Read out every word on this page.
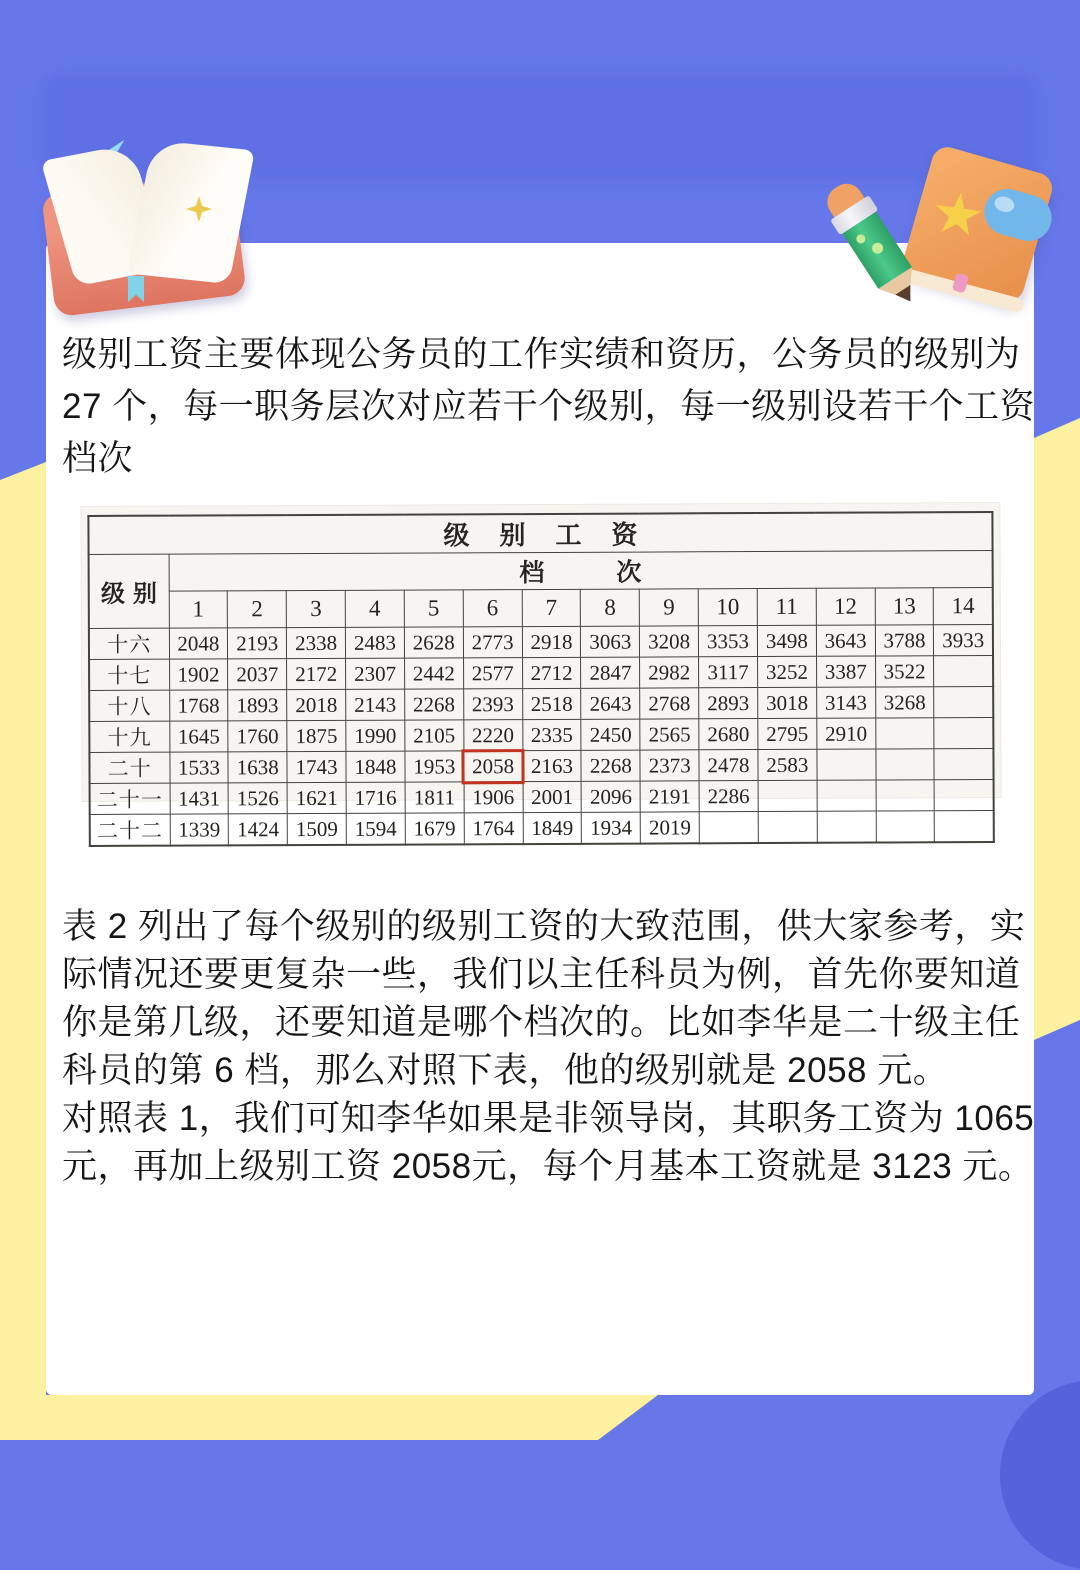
级别工资主要体现公务员的工作实绩和资历，公务员的级别为
27 个，每一职务层次对应若干个级别，每一级别设若干个工资
档次
级别工资														
级别	档次													
	1	2	3	4	5	6	7	8	9	10	11	12	13	14
十六	2048	2193	2338	2483	2628	2773	2918	3063	3208	3353	3498	3643	3788	3933
十七	1902	2037	2172	2307	2442	2577	2712	2847	2982	3117	3252	3387	3522	
十八	1768	1893	2018	2143	2268	2393	2518	2643	2768	2893	3018	3143	3268	
十九	1645	1760	1875	1990	2105	2220	2335	2450	2565	2680	2795	2910		
二十	1533	1638	1743	1848	1953	2058	2163	2268	2373	2478	2583			
二十一	1431	1526	1621	1716	1811	1906	2001	2096	2191	2286				
二十二	1339	1424	1509	1594	1679	1764	1849	1934	2019					
表 2 列出了每个级别的级别工资的大致范围，供大家参考，实
际情况还要更复杂一些，我们以主任科员为例，首先你要知道
你是第几级，还要知道是哪个档次的。比如李华是二十级主任
科员的第 6 档，那么对照下表，他的级别就是 2058 元。
对照表 1，我们可知李华如果是非领导岗，其职务工资为 1065
元，再加上级别工资 2058元，每个月基本工资就是 3123 元。
